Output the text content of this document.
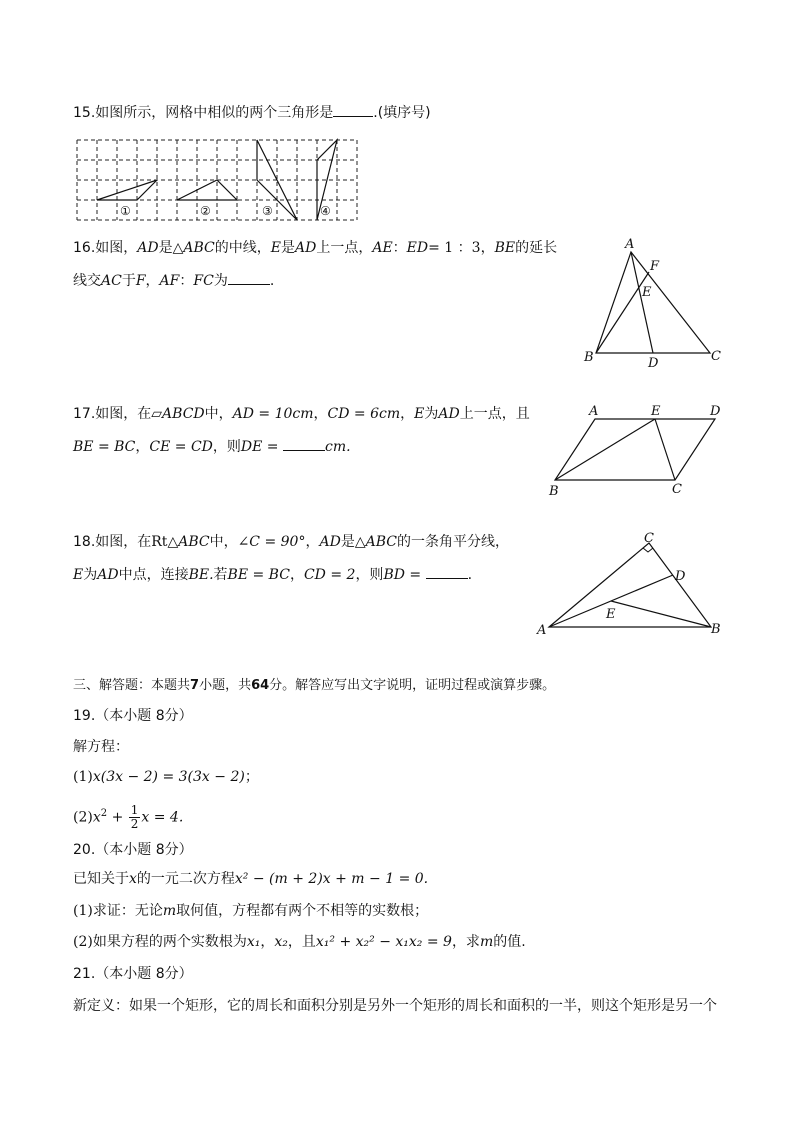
15.如图所示，网格中相似的两个三角形是	.(填序号)
①	②	③	④
16.如图，AD是△ABC的中线，E是AD上一点，AE：ED= 1 ：3，BE的延长
线交AC于F，AF：FC为	.
A
B	C
D
E
F
17.如图，在▱ABCD中，AD = 10cm，CD = 6cm，E为AD上一点，且
BE = BC，CE = CD，则DE =	cm.
A	E	D
B	C
18.如图，在Rt△ABC中，∠C = 90°，AD是△ABC的一条角平分线，
E为AD中点，连接BE.若BE = BC，CD = 2，则BD =	.
A
C
D
E
B
三、解答题：本题共7小题，共64分。解答应写出文字说明，证明过程或演算步骤。
19.（本小题 8分）
解方程：
(1)x(3x − 2) = 3(3x − 2)；
$(2)x^2 + \frac{1}{2}$ x = 4.
20.（本小题 8分）
已知关于x的一元二次方程x² − (m + 2)x + m − 1 = 0.
(1)求证：无论m取何值，方程都有两个不相等的实数根；
(2)如果方程的两个实数根为x₁，x₂，且x₁² + x₂² − x₁x₂ = 9，求m的值.
21.（本小题 8分）
新定义：如果一个矩形，它的周长和面积分别是另外一个矩形的周长和面积的一半，则这个矩形是另一个
